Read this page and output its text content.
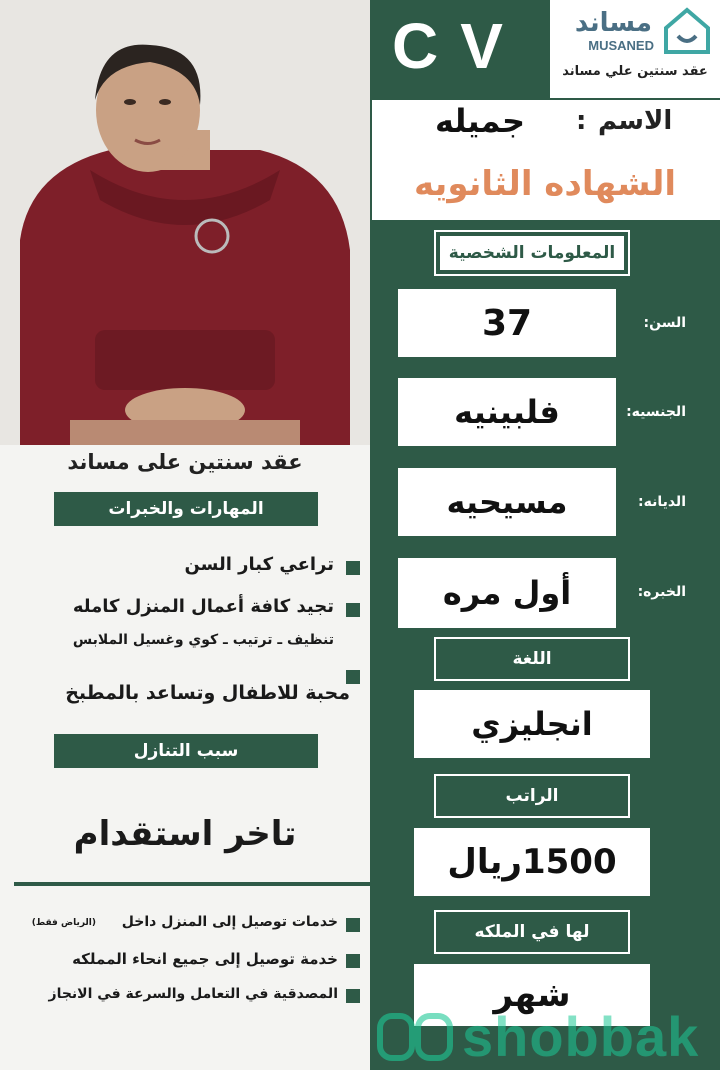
CV	مساند
MUSANED
عقد سنتين علي مساند
الاسم
:
جميله
الشهاده الثانويه
المعلومات الشخصية
37	السن:
فلبينيه	الجنسيه:
مسيحيه	الديانه:
أول مره	الخبره:
اللغة
انجليزي
الراتب
1500ريال
لها في الملكه
شهر
عقد سنتين على مساند
المهارات والخبرات
تراعي كبار السن
تجيد كافة أعمال المنزل كامله
تنظيف ـ ترتيب ـ كوي وغسيل الملابس
محبة للاطفال وتساعد بالمطبخ
سبب التنازل
تاخر استقدام
خدمات توصيل إلى المنزل داخل
(الرياض فقط)
خدمة توصيل إلى جميع انحاء المملكه
المصدقية في التعامل والسرعة في الانجاز
shobbak
